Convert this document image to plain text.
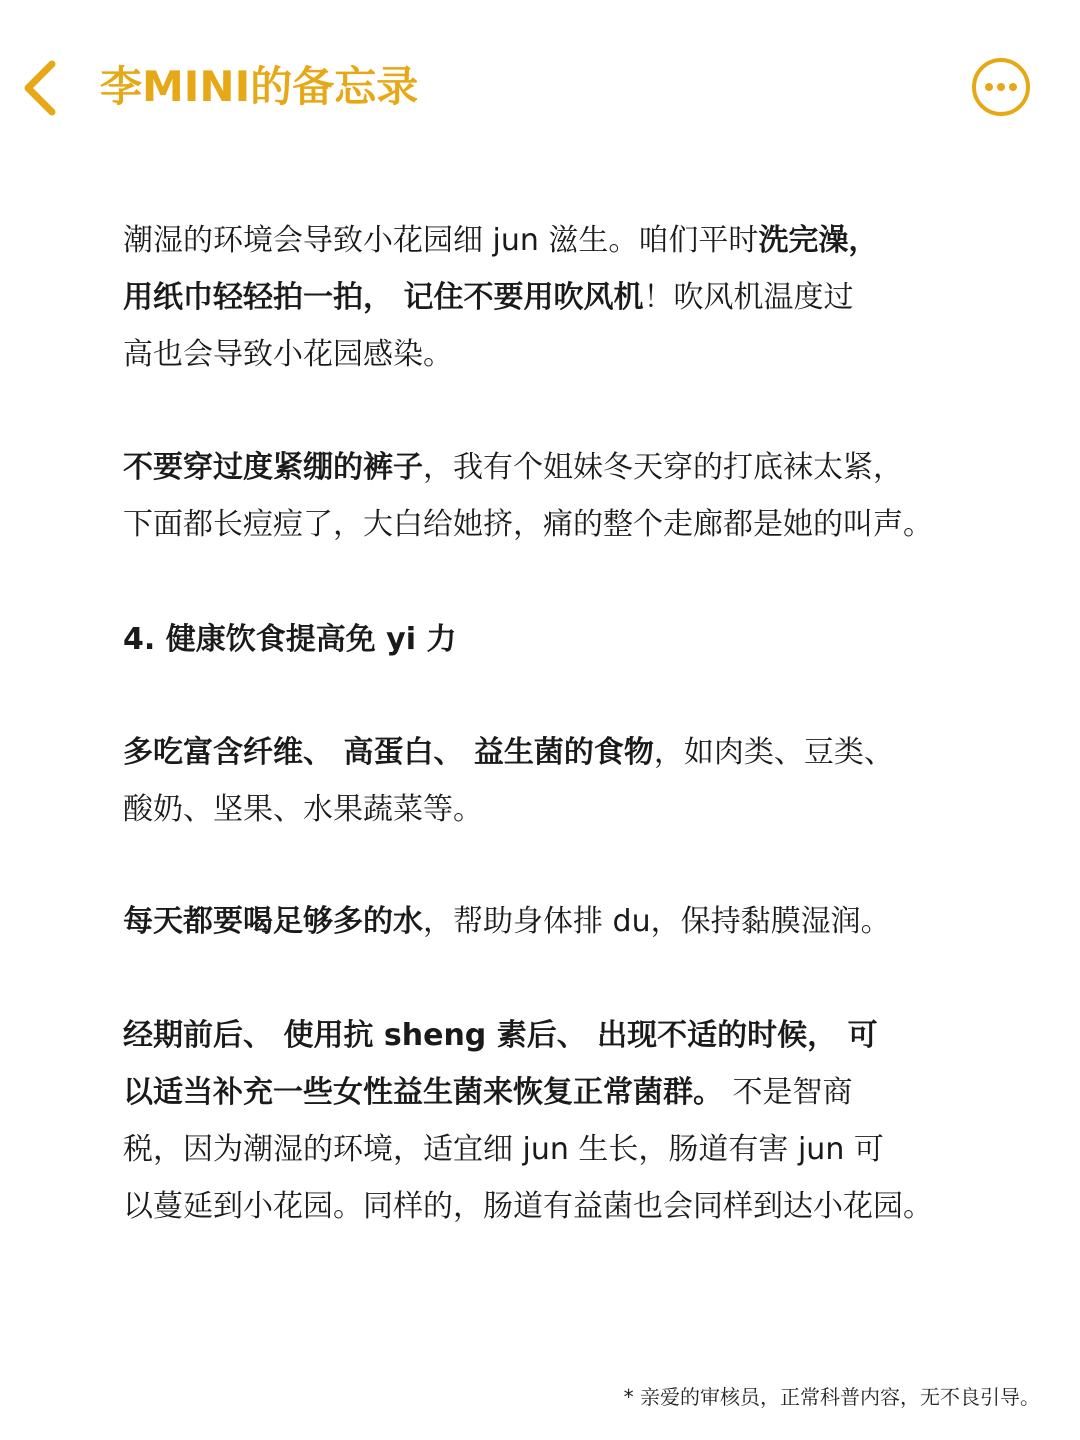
李MINI的备忘录

潮湿的环境会导致小花园细 jun 滋生。咱们平时洗完澡，

用纸巾轻轻拍一拍， 记住不要用吹风机！吹风机温度过

高也会导致小花园感染。

不要穿过度紧绷的裤子，我有个姐妹冬天穿的打底袜太紧，

下面都长痘痘了，大白给她挤，痛的整个走廊都是她的叫声。

4. 健康饮食提高免 yi 力

多吃富含纤维、 高蛋白、 益生菌的食物，如肉类、豆类、

酸奶、坚果、水果蔬菜等。

每天都要喝足够多的水，帮助身体排 du，保持黏膜湿润。

经期前后、 使用抗 sheng 素后、 出现不适的时候， 可

以适当补充一些女性益生菌来恢复正常菌群。 不是智商

税，因为潮湿的环境，适宜细 jun 生长，肠道有害 jun 可

以蔓延到小花园。同样的，肠道有益菌也会同样到达小花园。

* 亲爱的审核员，正常科普内容，无不良引导。
